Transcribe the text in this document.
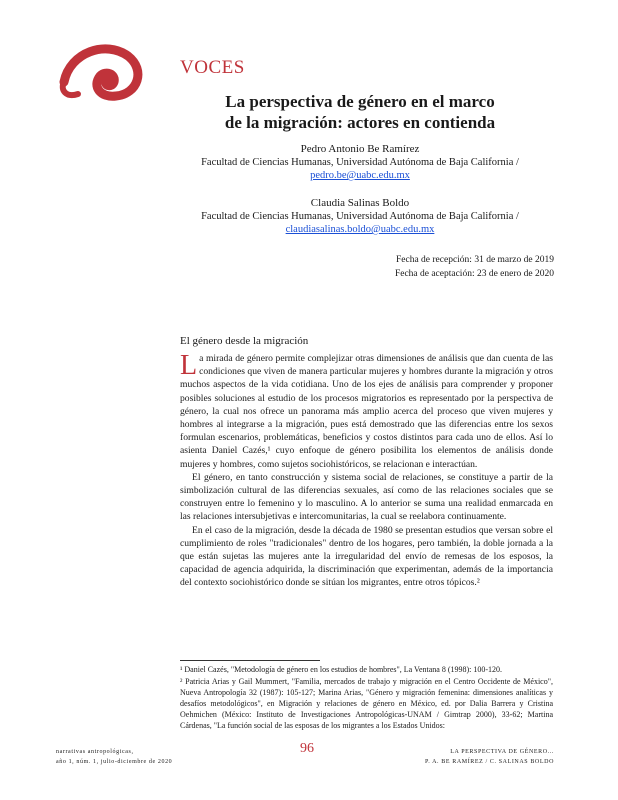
VOCES
La perspectiva de género en el marco
de la migración: actores en contienda
Pedro Antonio Be Ramírez
Facultad de Ciencias Humanas, Universidad Autónoma de Baja California /
pedro.be@uabc.edu.mx
Claudia Salinas Boldo
Facultad de Ciencias Humanas, Universidad Autónoma de Baja California /
claudiasalinas.boldo@uabc.edu.mx
Fecha de recepción: 31 de marzo de 2019
Fecha de aceptación: 23 de enero de 2020
El género desde la migración

La mirada de género permite complejizar otras dimensiones de análisis que dan cuenta de las condiciones que viven de manera particular mujeres y hombres durante la migración y otros muchos aspectos de la vida cotidiana. Uno de los ejes de análisis para comprender y proponer posibles soluciones al estudio de los procesos migratorios es representado por la perspectiva de género, la cual nos ofrece un panorama más amplio acerca del proceso que viven mujeres y hombres al integrarse a la migración, pues está demostrado que las diferencias entre los sexos formulan escenarios, problemáticas, beneficios y costos distintos para cada uno de ellos. Así lo asienta Daniel Cazés,¹ cuyo enfoque de género posibilita los elementos de análisis donde mujeres y hombres, como sujetos sociohistóricos, se relacionan e interactúan.

El género, en tanto construcción y sistema social de relaciones, se constituye a partir de la simbolización cultural de las diferencias sexuales, así como de las relaciones sociales que se construyen entre lo femenino y lo masculino. A lo anterior se suma una realidad enmarcada en las relaciones intersubjetivas e intercomunitarias, la cual se reelabora continuamente.

En el caso de la migración, desde la década de 1980 se presentan estudios que versan sobre el cumplimiento de roles "tradicionales" dentro de los hogares, pero también, la doble jornada a la que están sujetas las mujeres ante la irregularidad del envío de remesas de los esposos, la capacidad de agencia adquirida, la discriminación que experimentan, además de la importancia del contexto sociohistórico donde se sitúan los migrantes, entre otros tópicos.²

¹ Daniel Cazés, "Metodología de género en los estudios de hombres", La Ventana 8 (1998): 100-120.

² Patricia Arias y Gail Mummert, "Familia, mercados de trabajo y migración en el Centro Occidente de México", Nueva Antropología 32 (1987): 105-127; Marina Arias, "Género y migración femenina: dimensiones analíticas y desafíos metodológicos", en Migración y relaciones de género en México, ed. por Dalia Barrera y Cristina Oehmichen (México: Instituto de Investigaciones Antropológicas-UNAM / Gimtrap 2000), 33-62; Martina Cárdenas, "La función social de las esposas de los migrantes a los Estados Unidos:

narrativas antropológicas,
año 1, núm. 1, julio-diciembre de 2020
96	LA PERSPECTIVA DE GÉNERO...
P. A. BE RAMÍREZ / C. SALINAS BOLDO
